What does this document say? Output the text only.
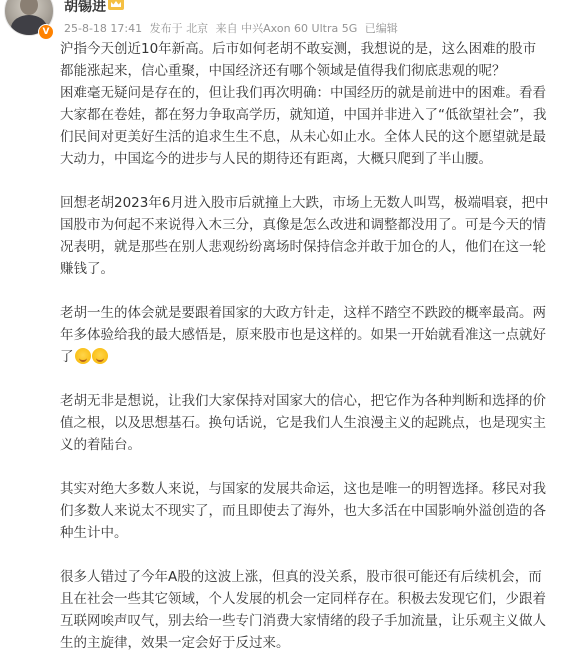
V
胡锡进
25-8-18 17:41 发布于 北京 来自 中兴Axon 60 Ultra 5G 已编辑
沪指今天创近10年新高。后市如何老胡不敢妄测，我想说的是，这么困难的股市
都能涨起来，信心重聚，中国经济还有哪个领域是值得我们彻底悲观的呢？
困难毫无疑问是存在的，但让我们再次明确：中国经历的就是前进中的困难。看看
大家都在卷娃，都在努力争取高学历，就知道，中国并非进入了“低欲望社会”，我
们民间对更美好生活的追求生生不息，从未心如止水。全体人民的这个愿望就是最
大动力，中国迄今的进步与人民的期待还有距离，大概只爬到了半山腰。
回想老胡2023年6月进入股市后就撞上大跌，市场上无数人叫骂，极端唱衰，把中
国股市为何起不来说得入木三分，真像是怎么改进和调整都没用了。可是今天的情
况表明，就是那些在别人悲观纷纷离场时保持信念并敢于加仓的人，他们在这一轮
赚钱了。
老胡一生的体会就是要跟着国家的大政方针走，这样不踏空不跌跤的概率最高。两
年多体验给我的最大感悟是，原来股市也是这样的。如果一开始就看准这一点就好
了
老胡无非是想说，让我们大家保持对国家大的信心，把它作为各种判断和选择的价
值之根，以及思想基石。换句话说，它是我们人生浪漫主义的起跳点，也是现实主
义的着陆台。
其实对绝大多数人来说，与国家的发展共命运，这也是唯一的明智选择。移民对我
们多数人来说太不现实了，而且即使去了海外，也大多活在中国影响外溢创造的各
种生计中。
很多人错过了今年A股的这波上涨，但真的没关系，股市很可能还有后续机会，而
且在社会一些其它领域，个人发展的机会一定同样存在。积极去发现它们，少跟着
互联网唉声叹气，别去给一些专门消费大家情绪的段子手加流量，让乐观主义做人
生的主旋律，效果一定会好于反过来。
